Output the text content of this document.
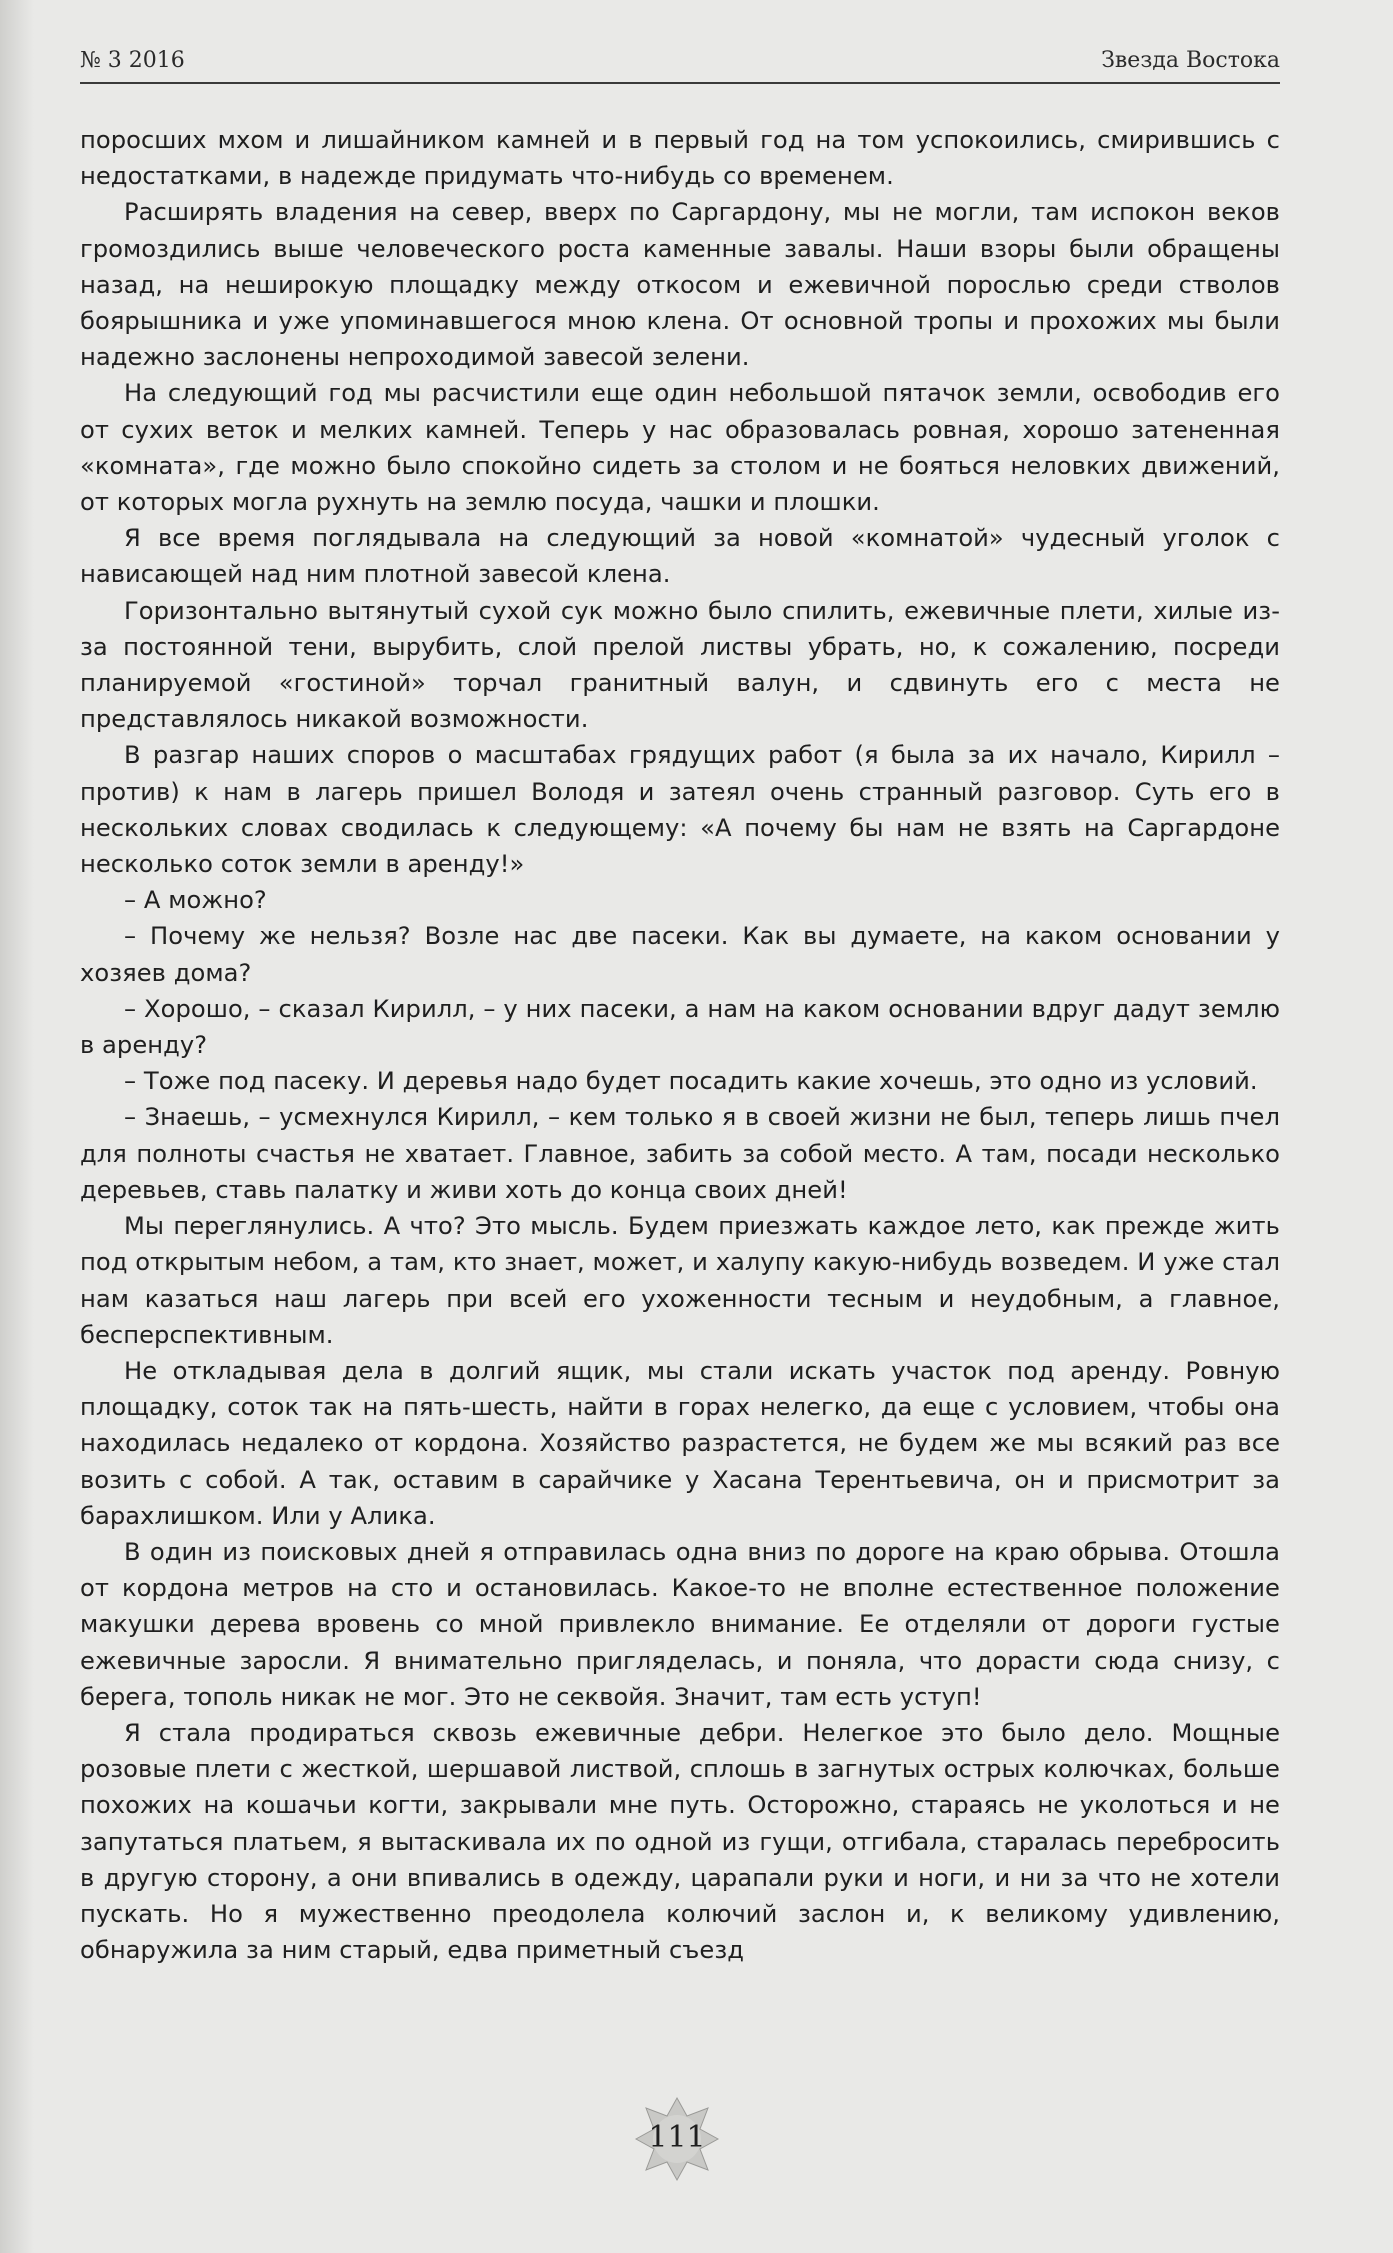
№ 3 2016	Звезда Востока

поросших мхом и лишайником камней и в первый год на том успокоились, смирившись с недостатками, в надежде придумать что-нибудь со временем.

Расширять владения на север, вверх по Саргардону, мы не могли, там испокон веков громоздились выше человеческого роста каменные завалы. Наши взоры были обращены назад, на неширокую площадку между откосом и ежевичной порослью среди стволов боярышника и уже упоминавшегося мною клена. От основной тропы и прохожих мы были надежно заслонены непроходимой завесой зелени.

На следующий год мы расчистили еще один небольшой пятачок земли, освободив его от сухих веток и мелких камней. Теперь у нас образовалась ровная, хорошо затененная «комната», где можно было спокойно сидеть за столом и не бояться неловких движений, от которых могла рухнуть на землю посуда, чашки и плошки.

Я все время поглядывала на следующий за новой «комнатой» чудесный уголок с нависающей над ним плотной завесой клена.

Горизонтально вытянутый сухой сук можно было спилить, ежевичные плети, хилые из-за постоянной тени, вырубить, слой прелой листвы убрать, но, к сожалению, посреди планируемой «гостиной» торчал гранитный валун, и сдвинуть его с места не представлялось никакой возможности.

В разгар наших споров о масштабах грядущих работ (я была за их начало, Кирилл – против) к нам в лагерь пришел Володя и затеял очень странный разговор. Суть его в нескольких словах сводилась к следующему: «А почему бы нам не взять на Саргардоне несколько соток земли в аренду!»

– А можно?

– Почему же нельзя? Возле нас две пасеки. Как вы думаете, на каком основании у хозяев дома?

– Хорошо, – сказал Кирилл, – у них пасеки, а нам на каком основании вдруг дадут землю в аренду?

– Тоже под пасеку. И деревья надо будет посадить какие хочешь, это одно из условий.

– Знаешь, – усмехнулся Кирилл, – кем только я в своей жизни не был, теперь лишь пчел для полноты счастья не хватает. Главное, забить за собой место. А там, посади несколько деревьев, ставь палатку и живи хоть до конца своих дней!

Мы переглянулись. А что? Это мысль. Будем приезжать каждое лето, как прежде жить под открытым небом, а там, кто знает, может, и халупу какую-нибудь возведем. И уже стал нам казаться наш лагерь при всей его ухоженности тесным и неудобным, а главное, бесперспективным.

Не откладывая дела в долгий ящик, мы стали искать участок под аренду. Ровную площадку, соток так на пять-шесть, найти в горах нелегко, да еще с условием, чтобы она находилась недалеко от кордона. Хозяйство разрастется, не будем же мы всякий раз все возить с собой. А так, оставим в сарайчике у Хасана Терентьевича, он и присмотрит за барахлишком. Или у Алика.

В один из поисковых дней я отправилась одна вниз по дороге на краю обрыва. Отошла от кордона метров на сто и остановилась. Какое-то не вполне естественное положение макушки дерева вровень со мной привлекло внимание. Ее отделяли от дороги густые ежевичные заросли. Я внимательно пригляделась, и поняла, что дорасти сюда снизу, с берега, тополь никак не мог. Это не секвойя. Значит, там есть уступ!

Я стала продираться сквозь ежевичные дебри. Нелегкое это было дело. Мощные розовые плети с жесткой, шершавой листвой, сплошь в загнутых острых колючках, больше похожих на кошачьи когти, закрывали мне путь. Осторожно, стараясь не уколоться и не запутаться платьем, я вытаскивала их по одной из гущи, отгибала, старалась перебросить в другую сторону, а они впивались в одежду, царапали руки и ноги, и ни за что не хотели пускать. Но я мужественно преодолела колючий заслон и, к великому удивлению, обнаружила за ним старый, едва приметный съезд

111
